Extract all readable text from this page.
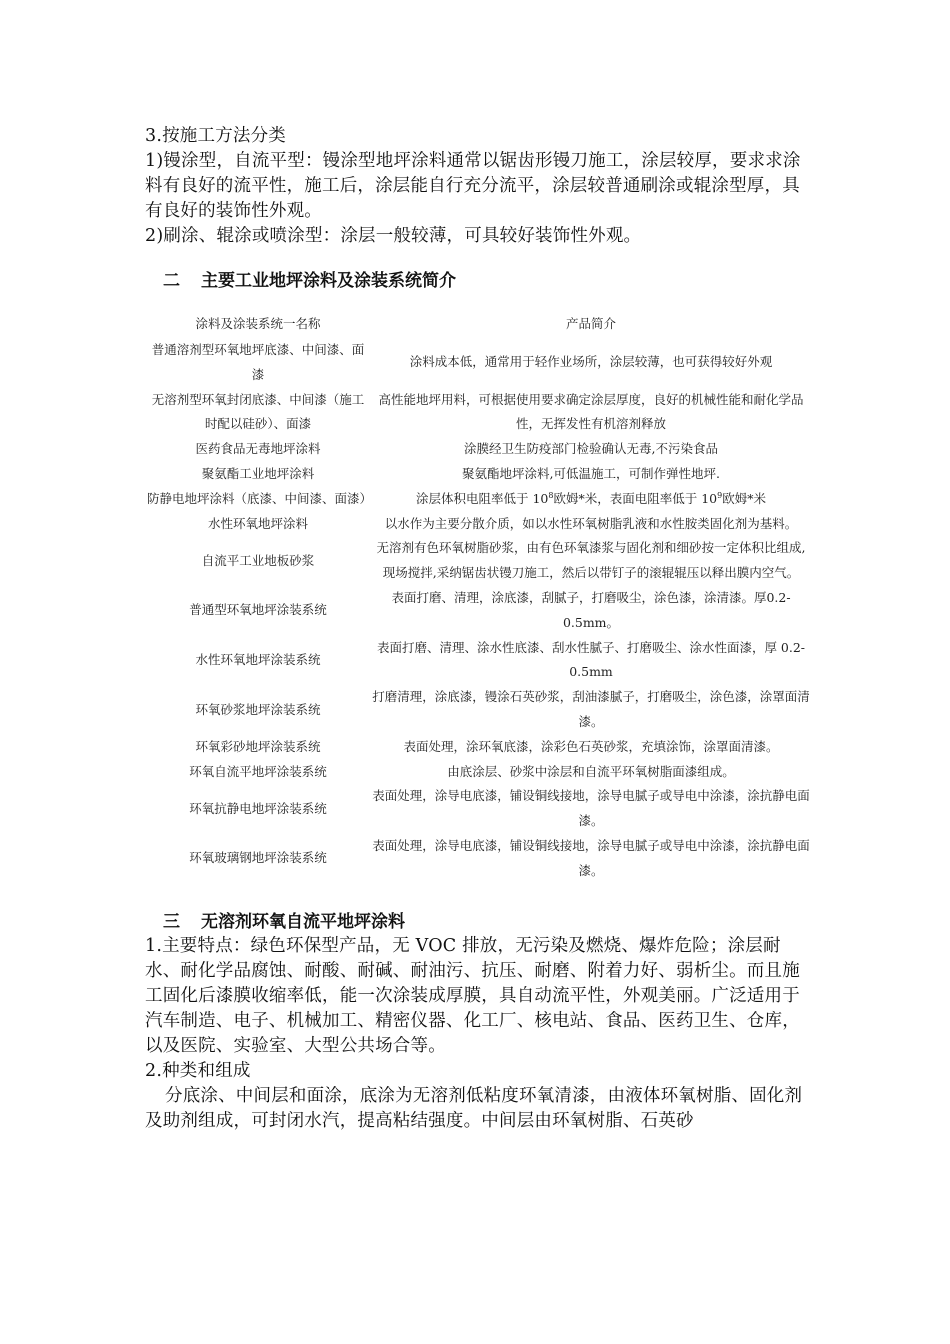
3.按施工方法分类

1)镘涂型，自流平型：镘涂型地坪涂料通常以锯齿形镘刀施工，涂层较厚，要求求涂料有良好的流平性，施工后，涂层能自行充分流平，涂层较普通刷涂或辊涂型厚，具有良好的装饰性外观。

2)刷涂、辊涂或喷涂型：涂层一般较薄，可具较好装饰性外观。

二 主要工业地坪涂料及涂装系统简介

涂料及涂装系统一名称	产品简介
普通溶剂型环氧地坪底漆、中间漆、面漆	涂料成本低，通常用于轻作业场所，涂层较薄，也可获得较好外观
无溶剂型环氧封闭底漆、中间漆（施工时配以硅砂）、面漆	高性能地坪用料，可根据使用要求确定涂层厚度，良好的机械性能和耐化学品性，无挥发性有机溶剂释放
医药食品无毒地坪涂料	涂膜经卫生防疫部门检验确认无毒,不污染食品
聚氨酯工业地坪涂料	聚氨酯地坪涂料,可低温施工，可制作弹性地坪.
防静电地坪涂料（底漆、中间漆、面漆）	涂层体积电阻率低于 $10^8$欧姆*米，表面电阻率低于 $10^9$欧姆*米
水性环氧地坪涂料	以水作为主要分散介质，如以水性环氧树脂乳液和水性胺类固化剂为基料。
自流平工业地板砂浆	无溶剂有色环氧树脂砂浆，由有色环氧漆浆与固化剂和细砂按一定体积比组成,现场搅拌,采纳锯齿状镘刀施工，然后以带钉子的滚辊辊压以释出膜内空气。
普通型环氧地坪涂装系统	表面打磨、清理，涂底漆，刮腻子，打磨吸尘，涂色漆，涂清漆。厚0.2-0.5mm。
水性环氧地坪涂装系统	表面打磨、清理、涂水性底漆、刮水性腻子、打磨吸尘、涂水性面漆，厚 0.2-0.5mm
环氧砂浆地坪涂装系统	打磨清理，涂底漆，镘涂石英砂浆，刮油漆腻子，打磨吸尘，涂色漆，涂罩面清漆。
环氧彩砂地坪涂装系统	表面处理，涂环氧底漆，涂彩色石英砂浆，充填涂饰，涂罩面清漆。
环氧自流平地坪涂装系统	由底涂层、砂浆中涂层和自流平环氧树脂面漆组成。
环氧抗静电地坪涂装系统	表面处理，涂导电底漆，铺设铜线接地，涂导电腻子或导电中涂漆，涂抗静电面漆。
环氧玻璃钢地坪涂装系统	表面处理，涂导电底漆，铺设铜线接地，涂导电腻子或导电中涂漆，涂抗静电面漆。

三 无溶剂环氧自流平地坪涂料

1.主要特点：绿色环保型产品，无 VOC 排放，无污染及燃烧、爆炸危险；涂层耐水、耐化学品腐蚀、耐酸、耐碱、耐油污、抗压、耐磨、附着力好、弱析尘。而且施工固化后漆膜收缩率低，能一次涂装成厚膜，具自动流平性，外观美丽。广泛适用于汽车制造、电子、机械加工、精密仪器、化工厂、核电站、食品、医药卫生、仓库，以及医院、实验室、大型公共场合等。

2.种类和组成

分底涂、中间层和面涂，底涂为无溶剂低粘度环氧清漆，由液体环氧树脂、固化剂及助剂组成，可封闭水汽，提高粘结强度。中间层由环氧树脂、石英砂
